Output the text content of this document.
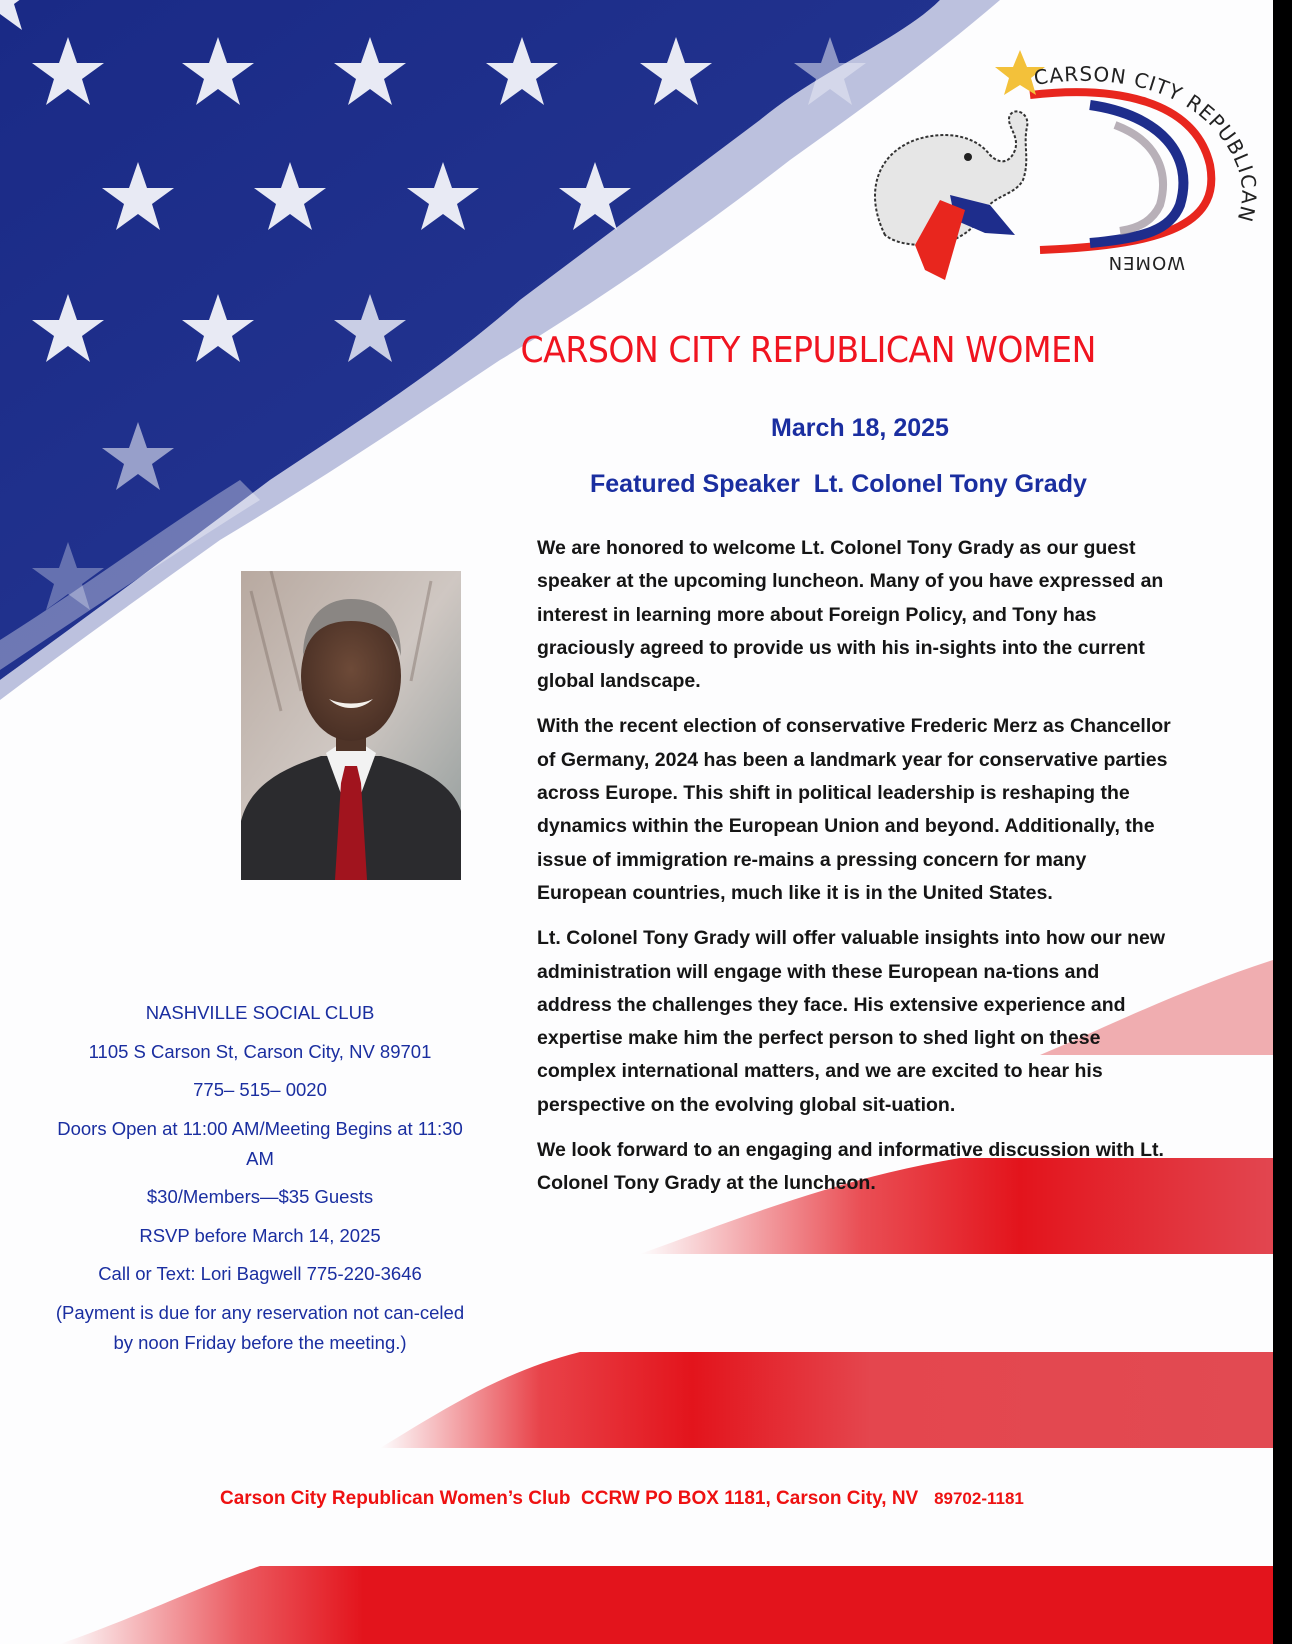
CARSON CITY REPUBLICAN
WOMEN
CARSON CITY REPUBLICAN WOMEN
March 18, 2025
Featured Speaker  Lt. Colonel Tony Grady

We are honored to welcome Lt. Colonel Tony Grady as our guest speaker at the upcoming luncheon. Many of you have expressed an interest in learning more about Foreign Policy, and Tony has graciously agreed to provide us with his in-sights into the current global landscape.

With the recent election of conservative Frederic Merz as Chancellor of Germany, 2024 has been a landmark year for conservative parties across Europe. This shift in political leadership is reshaping the dynamics within the European Union and beyond. Additionally, the issue of immigration re-mains a pressing concern for many European countries, much like it is in the United States.

Lt. Colonel Tony Grady will offer valuable insights into how our new administration will engage with these European na-tions and address the challenges they face. His extensive experience and expertise make him the perfect person to shed light on these complex international matters, and we are excited to hear his perspective on the evolving global sit-uation.

We look forward to an engaging and informative discussion with Lt. Colonel Tony Grady at the luncheon.

NASHVILLE SOCIAL CLUB
1105 S Carson St, Carson City, NV 89701
775– 515– 0020
Doors Open at 11:00 AM/Meeting Begins at 11:30 AM
$30/Members—$35 Guests
RSVP before March 14, 2025
Call or Text: Lori Bagwell 775-220-3646
(Payment is due for any reservation not can-celed by noon Friday before the meeting.)
Carson City Republican Women’s Club  CCRW PO BOX 1181, Carson City, NV   89702-1181
